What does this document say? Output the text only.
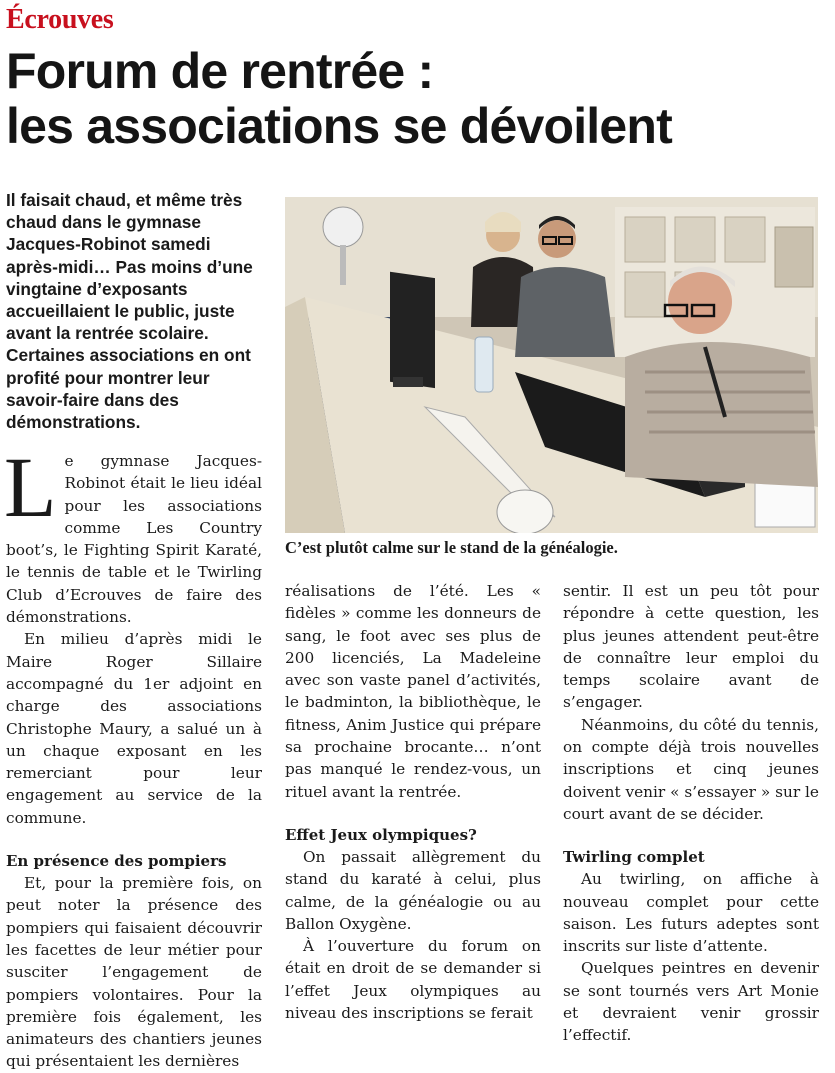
Écrouves
Forum de rentrée :
les associations se dévoilent
Il faisait chaud, et même très chaud dans le gymnase Jacques-Robinot samedi après-midi… Pas moins d’une vingtaine d’exposants accueillaient le public, juste avant la rentrée scolaire. Certaines associations en ont profité pour montrer leur savoir-faire dans des démonstrations.
C’est plutôt calme sur le stand de la généalogie.

Le gymnase Jacques-Robinot était le lieu idéal pour les associations comme Les Country boot’s, le Fighting Spirit Karaté, le tennis de table et le Twirling Club d’Ecrouves de faire des démonstrations.

En milieu d’après midi le Maire Roger Sillaire accompagné du 1er adjoint en charge des associations Christophe Maury, a salué un à un chaque exposant en les remerciant pour leur engagement au service de la commune.

En présence des pompiers

Et, pour la première fois, on peut noter la présence des pompiers qui faisaient découvrir les facettes de leur métier pour susciter l’engagement de pompiers volontaires. Pour la première fois également, les animateurs des chantiers jeunes qui présentaient les dernières

réalisations de l’été. Les « fidèles » comme les donneurs de sang, le foot avec ses plus de 200 licenciés, La Madeleine avec son vaste panel d’activités, le badminton, la bibliothèque, le fitness, Anim Justice qui prépare sa prochaine brocante… n’ont pas manqué le rendez-vous, un rituel avant la rentrée.

Effet Jeux olympiques?

On passait allègrement du stand du karaté à celui, plus calme, de la généalogie ou au Ballon Oxygène.

À l’ouverture du forum on était en droit de se demander si l’effet Jeux olympiques au niveau des inscriptions se ferait

sentir. Il est un peu tôt pour répondre à cette question, les plus jeunes attendent peut-être de connaître leur emploi du temps scolaire avant de s’engager.

Néanmoins, du côté du tennis, on compte déjà trois nouvelles inscriptions et cinq jeunes doivent venir « s’essayer » sur le court avant de se décider.

Twirling complet

Au twirling, on affiche à nouveau complet pour cette saison. Les futurs adeptes sont inscrits sur liste d’attente.

Quelques peintres en devenir se sont tournés vers Art Monie et devraient venir grossir l’effectif.
